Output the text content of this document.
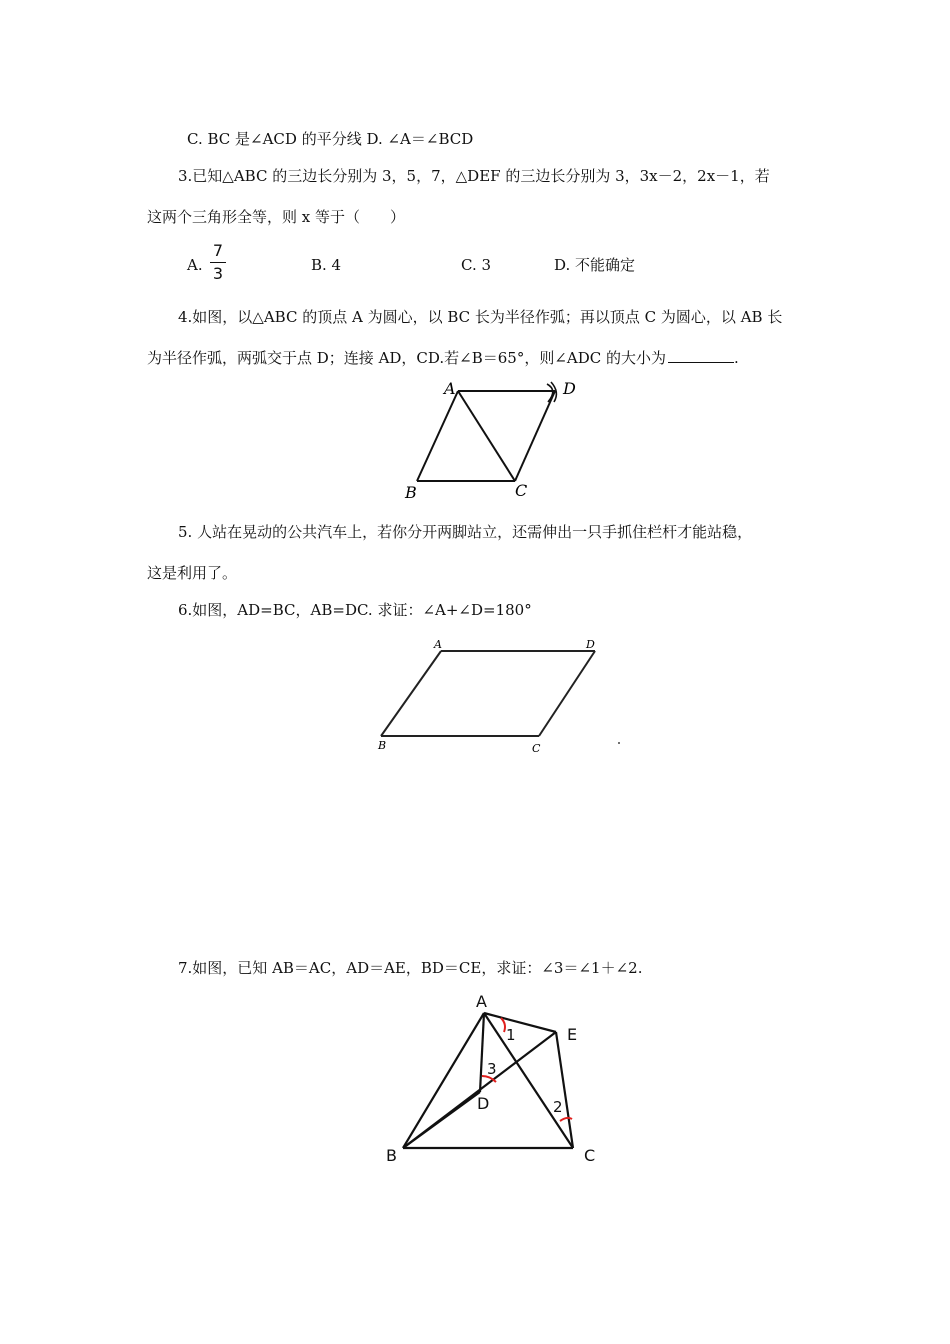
C. BC 是∠ACD 的平分线 D. ∠A＝∠BCD
3.已知△ABC 的三边长分别为 3，5，7，△DEF 的三边长分别为 3，3x－2，2x－1，若
这两个三角形全等，则 x 等于（　　）
A.
7
3	B. 4	C. 3	D. 不能确定
4.如图，以△ABC 的顶点 A 为圆心，以 BC 长为半径作弧；再以顶点 C 为圆心，以 AB 长
为半径作弧，两弧交于点 D；连接 AD，CD.若∠B＝65°，则∠ADC 的大小为	.
A	D
B	C
5. 人站在晃动的公共汽车上，若你分开两脚站立，还需伸出一只手抓住栏杆才能站稳，
这是利用了。
6.如图，AD=BC，AB=DC. 求证：∠A+∠D=180°
A	D
B	C
7.如图，已知 AB＝AC，AD＝AE，BD＝CE，求证：∠3＝∠1＋∠2.
A
E
D
B	C
1
3
2
